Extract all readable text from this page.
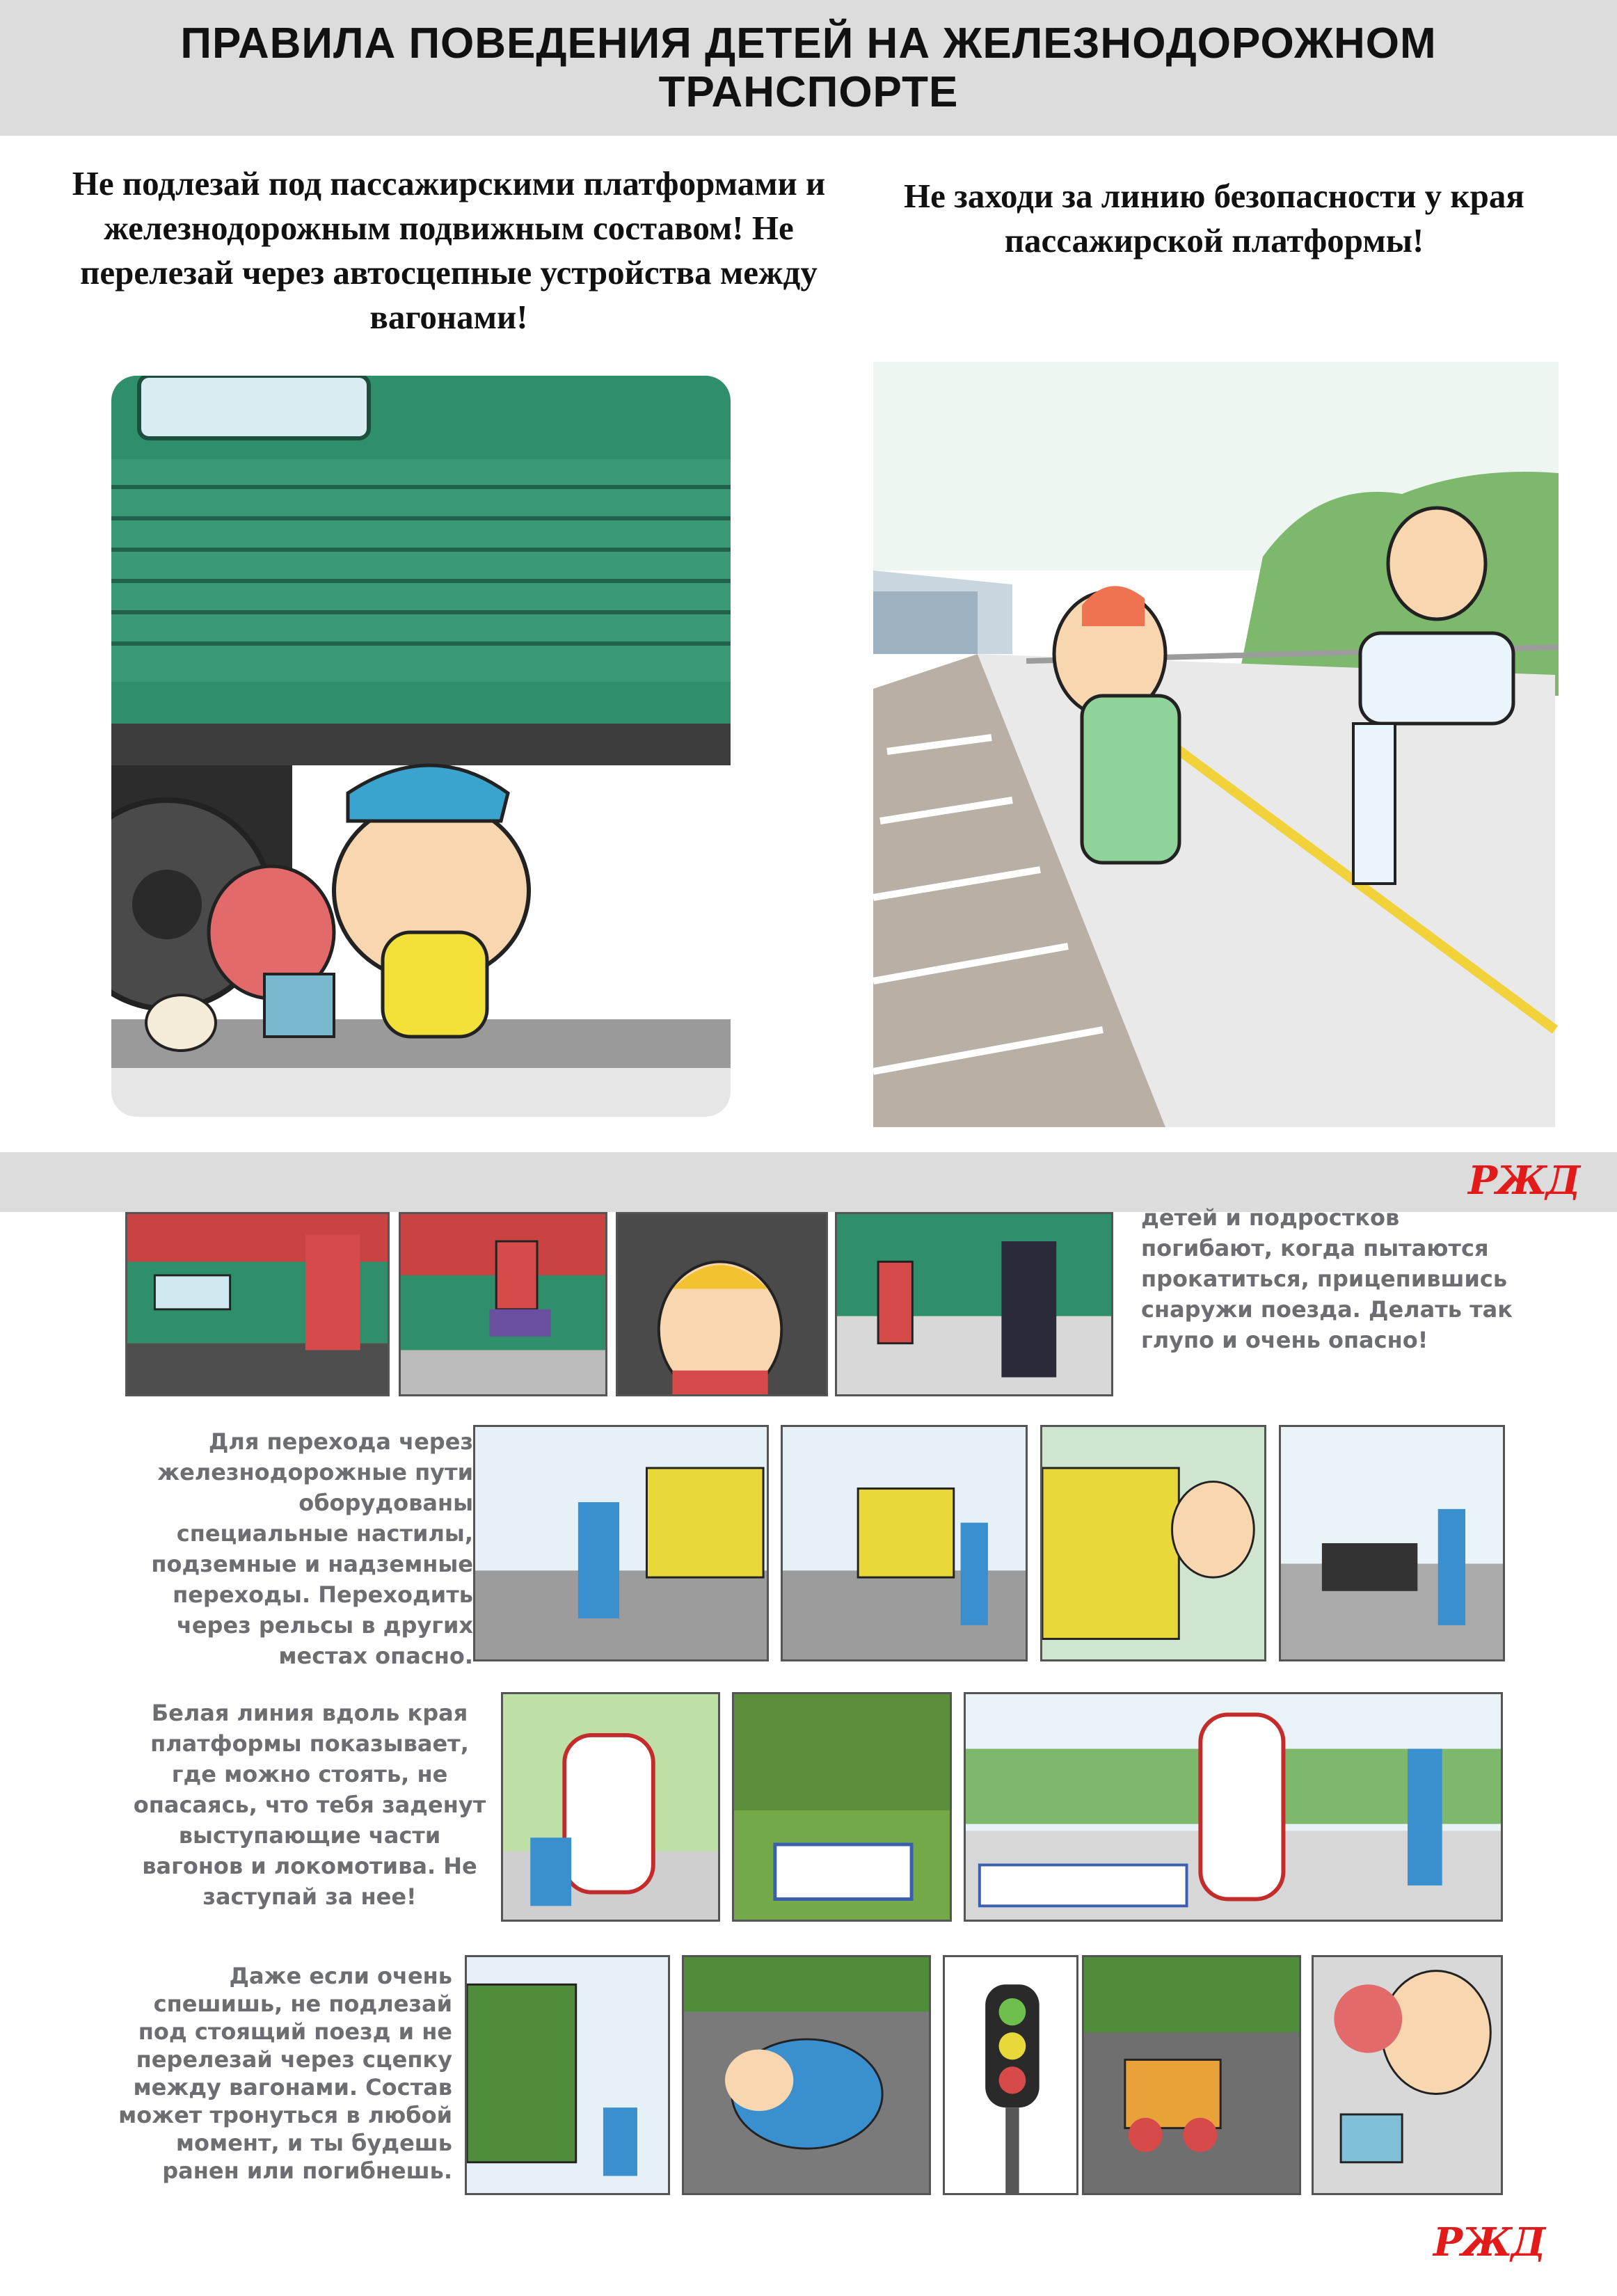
ПРАВИЛА ПОВЕДЕНИЯ ДЕТЕЙ НА ЖЕЛЕЗНОДОРОЖНОМ ТРАНСПОРТЕ
Не подлезай под пассажирскими платформами и железнодорожным подвижным составом! Не перелезай через автосцепные устройства между вагонами!
Не заходи за линию безопасности у края пассажирской платформы!
РЖД
детей и подростков погибают, когда пытаются прокатиться, прицепившись снаружи поезда. Делать так глупо и очень опасно!
Для перехода через железнодорожные пути оборудованы специальные настилы, подземные и надземные переходы. Переходить через рельсы в других местах опасно.
Белая линия вдоль края платформы показывает, где можно стоять, не опасаясь, что тебя заденут выступающие части вагонов и локомотива. Не заступай за нее!
Даже если очень спешишь, не подлезай под стоящий поезд и не перелезай через сцепку между вагонами. Состав может тронуться в любой момент, и ты будешь ранен или погибнешь.
РЖД
